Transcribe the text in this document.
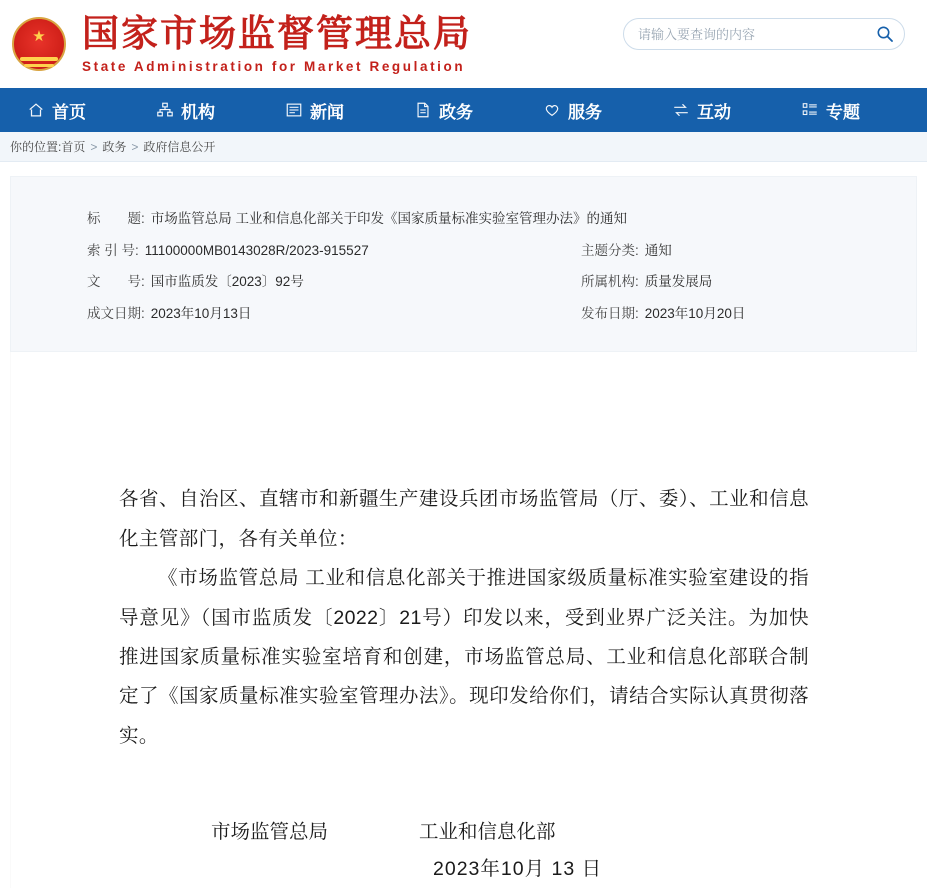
★ 国家市场监督管理总局
State Administration for Market Regulation
请输入要查询的内容
首页	机构	新闻	政务	服务	互动	专题
你的位置: 首页 > 政务 > 政府信息公开
标　　题: 市场监管总局 工业和信息化部关于印发《国家质量标准实验室管理办法》的通知
索 引 号: 11100000MB0143028R/2023-915527	主题分类: 通知
文　　号: 国市监质发〔2023〕92号	所属机构: 质量发展局
成文日期: 2023年10月13日	发布日期: 2023年10月20日

各省、自治区、直辖市和新疆生产建设兵团市场监管局（厅、委）、工业和信息化主管部门，各有关单位：

《市场监管总局 工业和信息化部关于推进国家级质量标准实验室建设的指导意见》（国市监质发〔2022〕21号）印发以来，受到业界广泛关注。为加快推进国家质量标准实验室培育和创建，市场监管总局、工业和信息化部联合制定了《国家质量标准实验室管理办法》。现印发给你们，请结合实际认真贯彻落实。

市场监管总局	工业和信息化部
2023年10月 13 日
